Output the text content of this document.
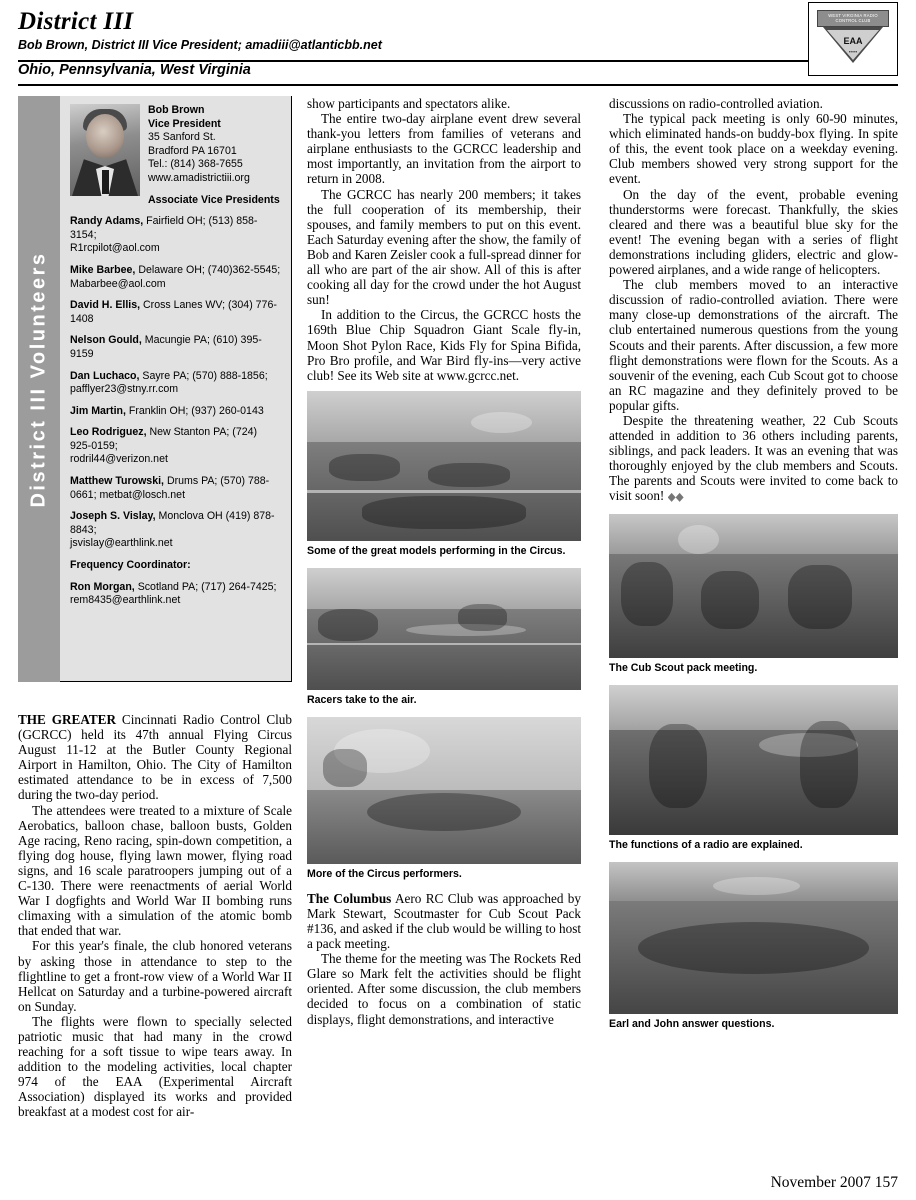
District III
Bob Brown, District III Vice President; amadiii@atlanticbb.net
Ohio, Pennsylvania, West Virginia
WEST VIRGINIA RADIO CONTROL CLUB
EAA
••••
District III Volunteers

Bob Brown

Vice President

35 Sanford St.

Bradford PA 16701

Tel.: (814) 368-7655

www.amadistrictiii.org

Associate Vice Presidents

Randy Adams, Fairfield OH; (513) 858-3154;

R1rcpilot@aol.com

Mike Barbee, Delaware OH; (740)362-5545;

Mabarbee@aol.com

David H. Ellis, Cross Lanes WV; (304) 776-1408

Nelson Gould, Macungie PA; (610) 395-9159

Dan Luchaco, Sayre PA; (570) 888-1856;

pafflyer23@stny.rr.com

Jim Martin, Franklin OH; (937) 260-0143

Leo Rodriguez, New Stanton PA; (724) 925-0159;

rodril44@verizon.net

Matthew Turowski, Drums PA; (570) 788-0661; metbat@losch.net

Joseph S. Vislay, Monclova OH (419) 878-8843;

jsvislay@earthlink.net

Frequency Coordinator:

Ron Morgan, Scotland PA; (717) 264-7425; rem8435@earthlink.net

THE GREATER Cincinnati Radio Control Club (GCRCC) held its 47th annual Flying Circus August 11-12 at the Butler County Regional Airport in Hamilton, Ohio. The City of Hamilton estimated attendance to be in excess of 7,500 during the two-day period.

The attendees were treated to a mixture of Scale Aerobatics, balloon chase, balloon busts, Golden Age racing, Reno racing, spin-down competition, a flying dog house, flying lawn mower, flying road signs, and 16 scale paratroopers jumping out of a C-130. There were reenactments of aerial World War I dogfights and World War II bombing runs climaxing with a simulation of the atomic bomb that ended that war.

For this year's finale, the club honored veterans by asking those in attendance to step to the flightline to get a front-row view of a World War II Hellcat on Saturday and a turbine-powered aircraft on Sunday.

The flights were flown to specially selected patriotic music that had many in the crowd reaching for a soft tissue to wipe tears away. In addition to the modeling activities, local chapter 974 of the EAA (Experimental Aircraft Association) displayed its works and provided breakfast at a modest cost for air-

show participants and spectators alike.

The entire two-day airplane event drew several thank-you letters from families of veterans and airplane enthusiasts to the GCRCC leadership and most importantly, an invitation from the airport to return in 2008.

The GCRCC has nearly 200 members; it takes the full cooperation of its membership, their spouses, and family members to put on this event. Each Saturday evening after the show, the family of Bob and Karen Zeisler cook a full-spread dinner for all who are part of the air show. All of this is after cooking all day for the crowd under the hot August sun!

In addition to the Circus, the GCRCC hosts the 169th Blue Chip Squadron Giant Scale fly-in, Moon Shot Pylon Race, Kids Fly for Spina Bifida, Pro Bro profile, and War Bird fly-ins—very active club! See its Web site at www.gcrcc.net.

Some of the great models performing in the Circus.
Racers take to the air.
More of the Circus performers.

The Columbus Aero RC Club was approached by Mark Stewart, Scoutmaster for Cub Scout Pack #136, and asked if the club would be willing to host a pack meeting.

The theme for the meeting was The Rockets Red Glare so Mark felt the activities should be flight oriented. After some discussion, the club members decided to focus on a combination of static displays, flight demonstrations, and interactive

discussions on radio-controlled aviation.

The typical pack meeting is only 60-90 minutes, which eliminated hands-on buddy-box flying. In spite of this, the event took place on a weekday evening. Club members showed very strong support for the event.

On the day of the event, probable evening thunderstorms were forecast. Thankfully, the skies cleared and there was a beautiful blue sky for the event! The evening began with a series of flight demonstrations including gliders, electric and glow-powered airplanes, and a wide range of helicopters.

The club members moved to an interactive discussion of radio-controlled aviation. There were many close-up demonstrations of the aircraft. The club entertained numerous questions from the young Scouts and their parents. After discussion, a few more flight demonstrations were flown for the Scouts. As a souvenir of the evening, each Cub Scout got to choose an RC magazine and they definitely proved to be popular gifts.

Despite the threatening weather, 22 Cub Scouts attended in addition to 36 others including parents, siblings, and pack leaders. It was an evening that was thoroughly enjoyed by the club members and Scouts. The parents and Scouts were invited to come back to visit soon!

The Cub Scout pack meeting.
The functions of a radio are explained.
Earl and John answer questions.
November 2007 157
